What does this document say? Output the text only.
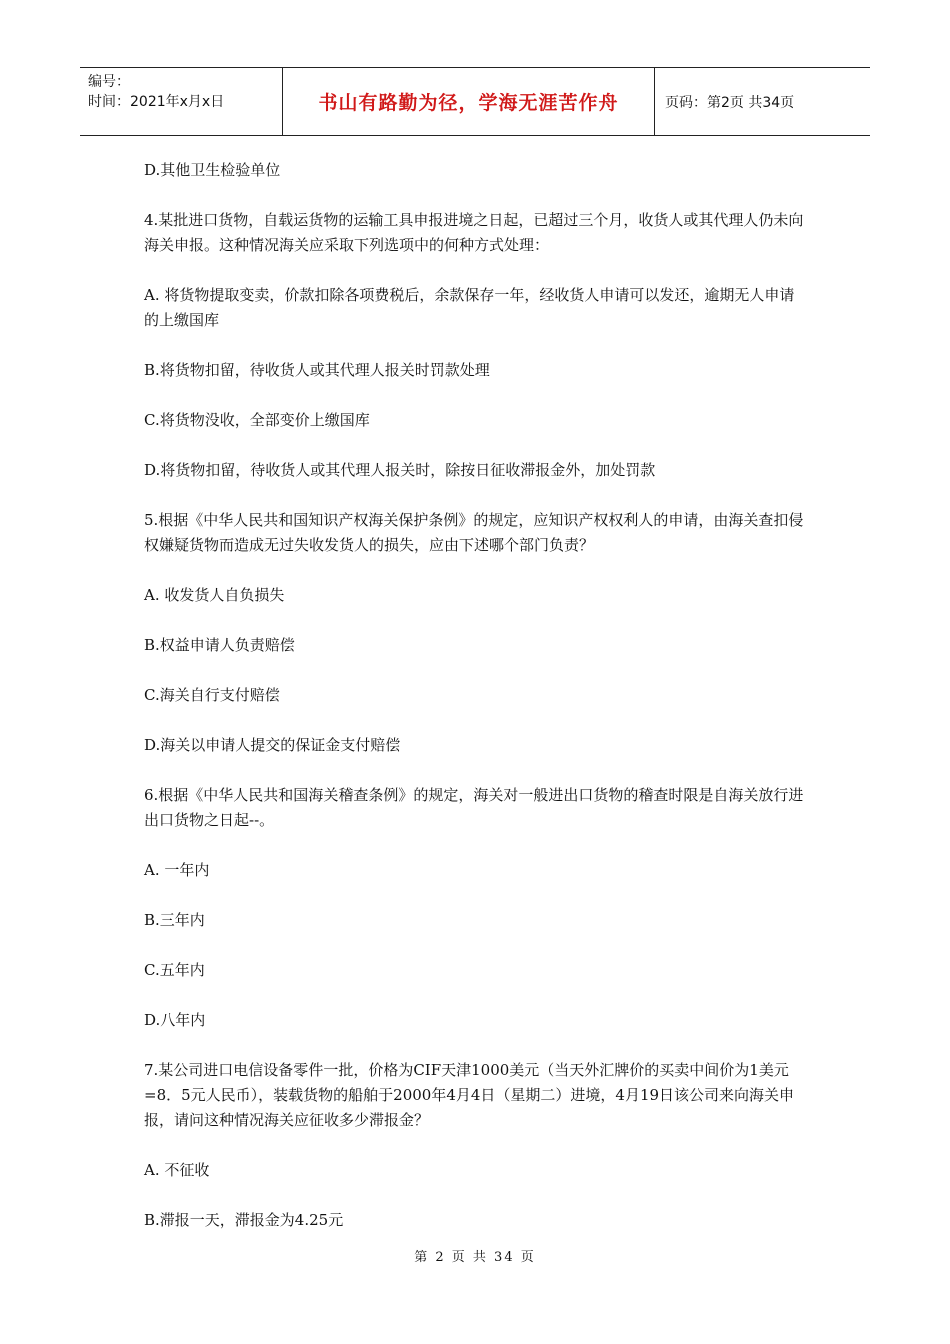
编号：
时间：2021年x月x日	书山有路勤为径，学海无涯苦作舟	页码：第2页 共34页

D.其他卫生检验单位

4.某批进口货物，自载运货物的运输工具申报进境之日起，已超过三个月，收货人或其代理人仍未向海关申报。这种情况海关应采取下列选项中的何种方式处理：

A. 将货物提取变卖，价款扣除各项费税后，余款保存一年，经收货人申请可以发还，逾期无人申请的上缴国库

B.将货物扣留，待收货人或其代理人报关时罚款处理

C.将货物没收，全部变价上缴国库

D.将货物扣留，待收货人或其代理人报关时，除按日征收滞报金外，加处罚款

5.根据《中华人民共和国知识产权海关保护条例》的规定，应知识产权权利人的申请，由海关查扣侵权嫌疑货物而造成无过失收发货人的损失，应由下述哪个部门负责？

A. 收发货人自负损失

B.权益申请人负责赔偿

C.海关自行支付赔偿

D.海关以申请人提交的保证金支付赔偿

6.根据《中华人民共和国海关稽查条例》的规定，海关对一般进出口货物的稽查时限是自海关放行进出口货物之日起--。

A. 一年内

B.三年内

C.五年内

D.八年内

7.某公司进口电信设备零件一批，价格为CIF天津1000美元（当天外汇牌价的买卖中间价为1美元=8．5元人民币），装载货物的船舶于2000年4月4日（星期二）进境，4月19日该公司来向海关申报，请问这种情况海关应征收多少滞报金？

A. 不征收

B.滞报一天，滞报金为4.25元

第 2 页 共 34 页
